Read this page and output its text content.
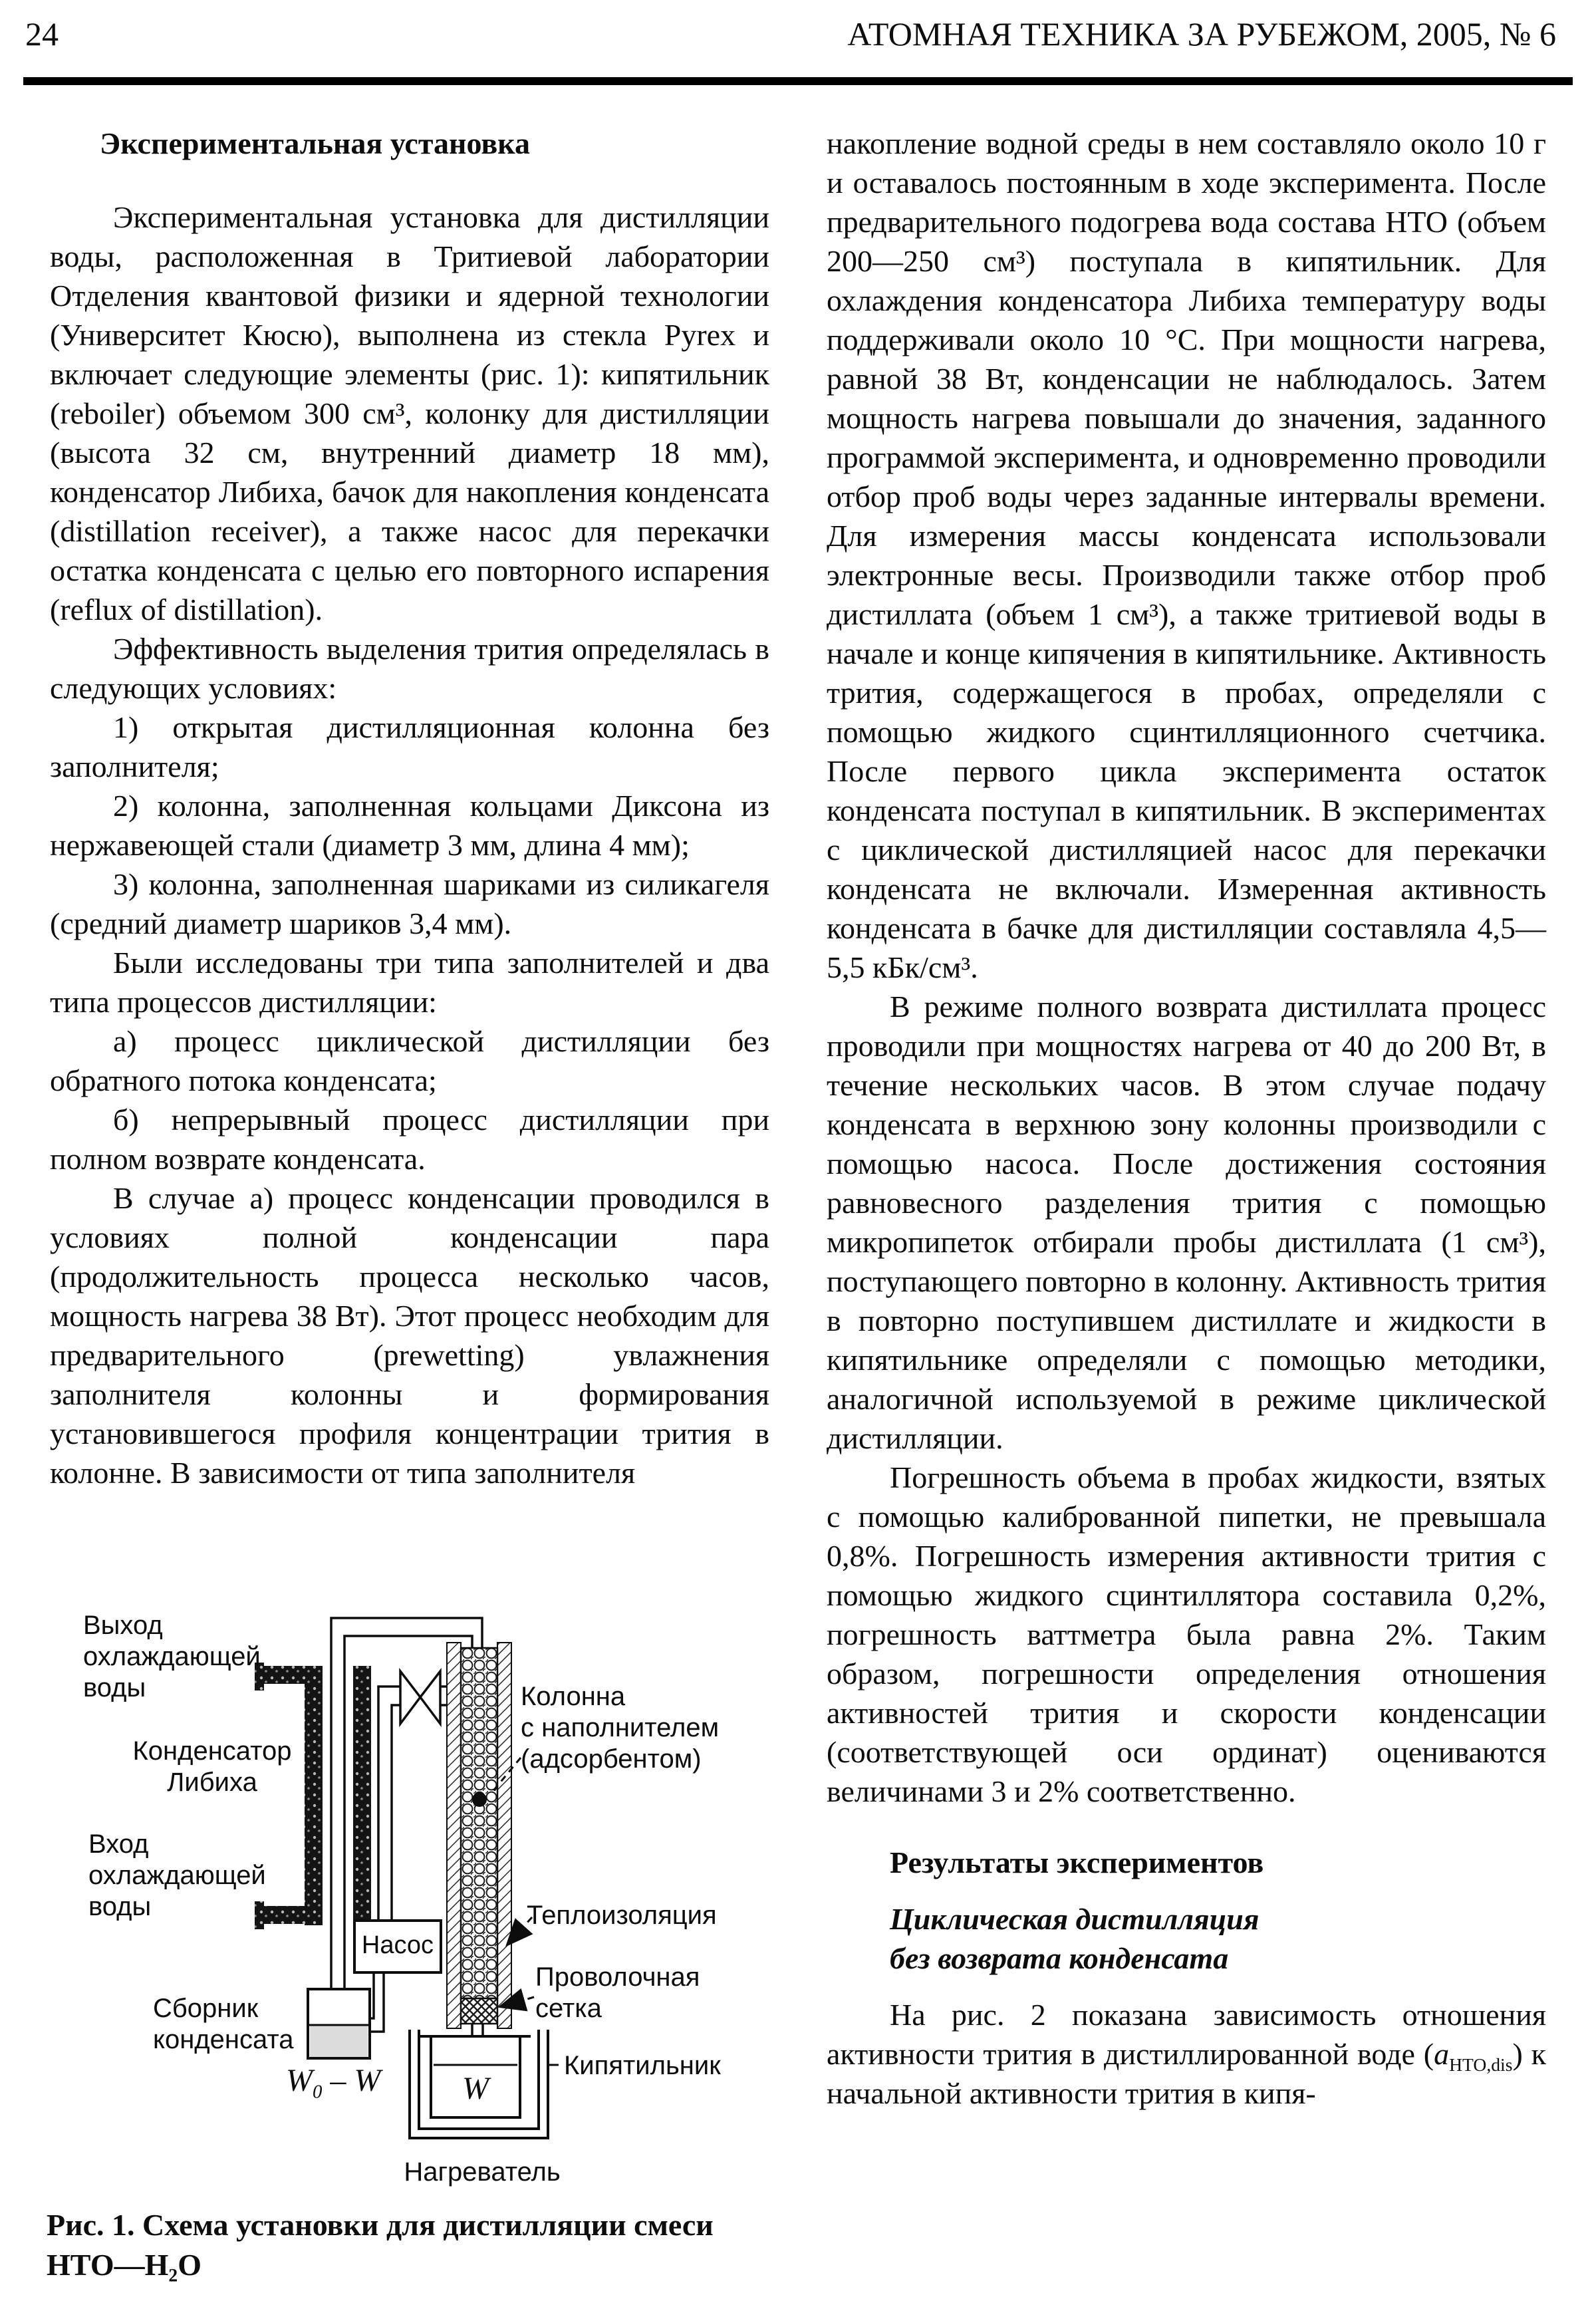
24	АТОМНАЯ ТЕХНИКА ЗА РУБЕЖОМ, 2005, № 6
Экспериментальная установка

Экспериментальная установка для дистилляции воды, расположенная в Тритиевой лаборатории Отделения квантовой физики и ядерной технологии (Университет Кюсю), выполнена из стекла Pyrex и включает следующие элементы (рис. 1): кипятильник (reboiler) объемом 300 см³, колонку для дистилляции (высота 32 см, внутренний диаметр 18 мм), конденсатор Либиха, бачок для накопления конденсата (distillation receiver), а также насос для перекачки остатка конденсата с целью его повторного испарения (reflux of distillation).

Эффективность выделения трития определялась в следующих условиях:

1) открытая дистилляционная колонна без заполнителя;

2) колонна, заполненная кольцами Диксона из нержавеющей стали (диаметр 3 мм, длина 4 мм);

3) колонна, заполненная шариками из силикагеля (средний диаметр шариков 3,4 мм).

Были исследованы три типа заполнителей и два типа процессов дистилляции:

а) процесс циклической дистилляции без обратного потока конденсата;

б) непрерывный процесс дистилляции при полном возврате конденсата.

В случае а) процесс конденсации проводился в условиях полной конденсации пара (продолжительность процесса несколько часов, мощность нагрева 38 Вт). Этот процесс необходим для предварительного (prewetting) увлажнения заполнителя колонны и формирования установившегося профиля концентрации трития в колонне. В зависимости от типа заполнителя

Выход охлаждающей воды
Конденсатор Либиха
Вход охлаждающей воды
Сборник конденсата
Насос
Колонна
с наполнителем
(адсорбентом)
Теплоизоляция
Проволочная сетка
Кипятильник
Нагреватель
$W_0$ – W	W
Рис. 1. Схема установки для дистилляции смеси НТО—Н₂О

накопление водной среды в нем составляло около 10 г и оставалось постоянным в ходе эксперимента. После предварительного подогрева вода состава НТО (объем 200—250 см³) поступала в кипятильник. Для охлаждения конденсатора Либиха температуру воды поддерживали около 10 °C. При мощности нагрева, равной 38 Вт, конденсации не наблюдалось. Затем мощность нагрева повышали до значения, заданного программой эксперимента, и одновременно проводили отбор проб воды через заданные интервалы времени. Для измерения массы конденсата использовали электронные весы. Производили также отбор проб дистиллата (объем 1 см³), а также тритиевой воды в начале и конце кипячения в кипятильнике. Активность трития, содержащегося в пробах, определяли с помощью жидкого сцинтилляционного счетчика. После первого цикла эксперимента остаток конденсата поступал в кипятильник. В экспериментах с циклической дистилляцией насос для перекачки конденсата не включали. Измеренная активность конденсата в бачке для дистилляции составляла 4,5—5,5 кБк/см³.

В режиме полного возврата дистиллата процесс проводили при мощностях нагрева от 40 до 200 Вт, в течение нескольких часов. В этом случае подачу конденсата в верхнюю зону колонны производили с помощью насоса. После достижения состояния равновесного разделения трития с помощью микропипеток отбирали пробы дистиллата (1 см³), поступающего повторно в колонну. Активность трития в повторно поступившем дистиллате и жидкости в кипятильнике определяли с помощью методики, аналогичной используемой в режиме циклической дистилляции.

Погрешность объема в пробах жидкости, взятых с помощью калиброванной пипетки, не превышала 0,8%. Погрешность измерения активности трития с помощью жидкого сцинтиллятора составила 0,2%, погрешность ваттметра была равна 2%. Таким образом, погрешности определения отношения активностей трития и скорости конденсации (соответствующей оси ординат) оцениваются величинами 3 и 2% соответственно.

Результаты экспериментов
Циклическая дистилляция
без возврата конденсата

На рис. 2 показана зависимость отношения активности трития в дистиллированной воде $(a_{HTO,dis})$ к начальной активности трития в кипя-
